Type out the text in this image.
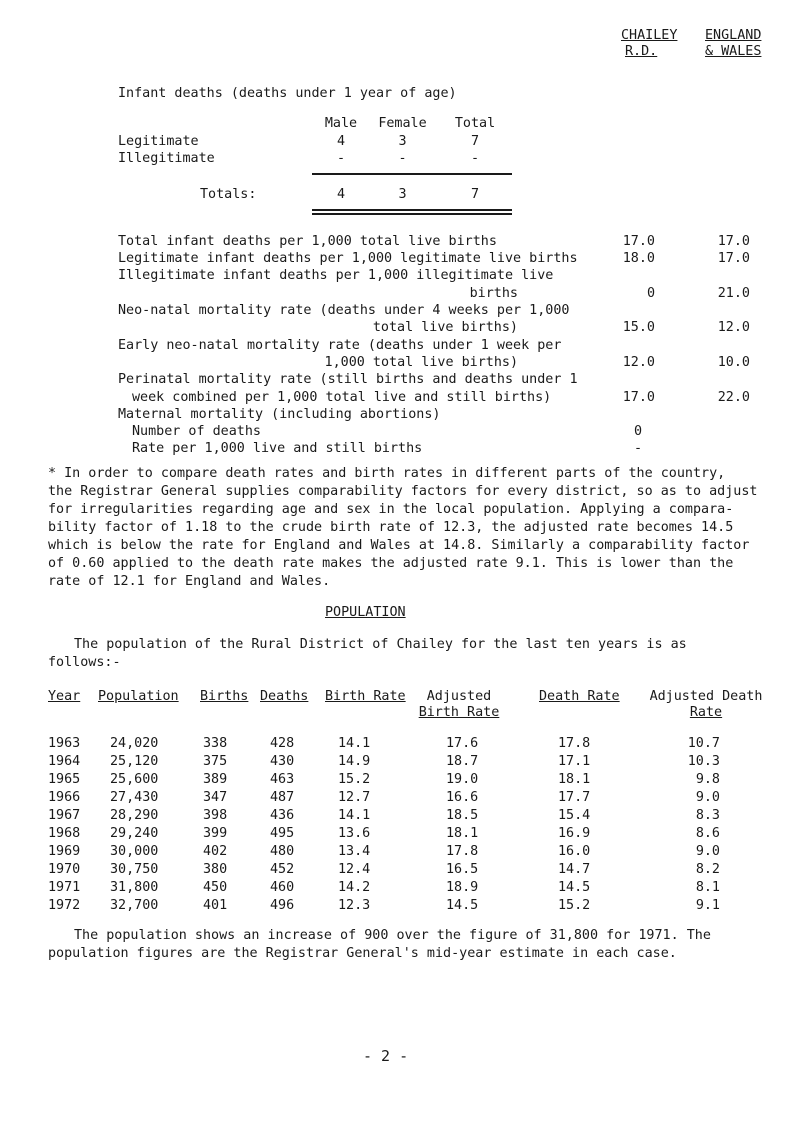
CHAILEY
R.D.
ENGLAND
& WALES
Infant deaths (deaths under 1 year of age)
Male	Female	Total
Legitimate	4	3	7
Illegitimate	-	-	-
Totals:	4	3	7
Total infant deaths per 1,000 total live births	17.0	17.0
Legitimate infant deaths per 1,000 legitimate live births	18.0	17.0
Illegitimate infant deaths per 1,000 illegitimate live
births	0	21.0
Neo-natal mortality rate (deaths under 4 weeks per 1,000
total live births)	15.0	12.0
Early neo-natal mortality rate (deaths under 1 week per
1,000 total live births)	12.0	10.0
Perinatal mortality rate (still births and deaths under 1
week combined per 1,000 total live and still births)	17.0	22.0
Maternal mortality (including abortions)
Number of deaths	0
Rate per 1,000 live and still births	-
* In order to compare death rates and birth rates in different parts of the country,
the Registrar General supplies comparability factors for every district, so as to adjust
for irregularities regarding age and sex in the local population. Applying a compara-
bility factor of 1.18 to the crude birth rate of 12.3, the adjusted rate becomes 14.5
which is below the rate for England and Wales at 14.8. Similarly a comparability factor
of 0.60 applied to the death rate makes the adjusted rate 9.1. This is lower than the
rate of 12.1 for England and Wales.
POPULATION
The population of the Rural District of Chailey for the last ten years is as
follows:-
Year Population Births Deaths Birth Rate	Adjusted	Death Rate	Adjusted Death
Birth Rate	Rate
1963 24,020	338	428	14.1	17.6	17.8	10.7
1964 25,120	375	430	14.9	18.7	17.1	10.3
1965 25,600	389	463	15.2	19.0	18.1	9.8
1966 27,430	347	487	12.7	16.6	17.7	9.0
1967 28,290	398	436	14.1	18.5	15.4	8.3
1968 29,240	399	495	13.6	18.1	16.9	8.6
1969 30,000	402	480	13.4	17.8	16.0	9.0
1970 30,750	380	452	12.4	16.5	14.7	8.2
1971 31,800	450	460	14.2	18.9	14.5	8.1
1972 32,700	401	496	12.3	14.5	15.2	9.1
The population shows an increase of 900 over the figure of 31,800 for 1971. The
population figures are the Registrar General's mid-year estimate in each case.
- 2 -
